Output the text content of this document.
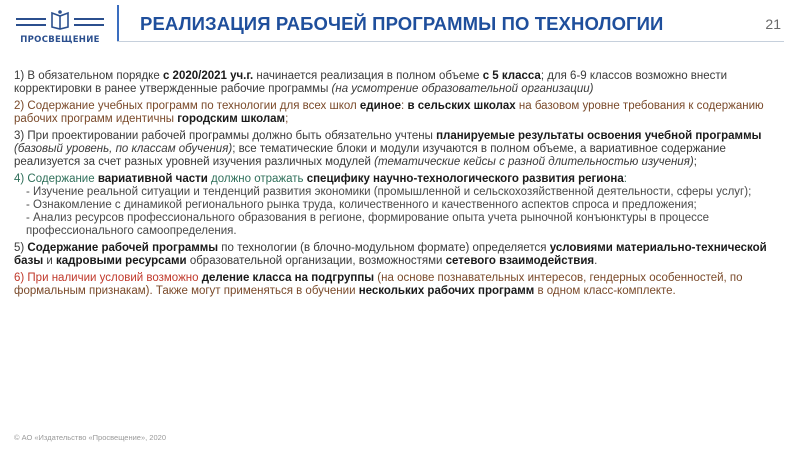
ПРОСВЕЩЕНИЕ
РЕАЛИЗАЦИЯ РАБОЧЕЙ ПРОГРАММЫ ПО ТЕХНОЛОГИИ	21

1) В обязательном порядке с 2020/2021 уч.г. начинается реализация в полном объеме с 5 класса; для 6-9 классов возможно внести корректировки в ранее утвержденные рабочие программы (на усмотрение образовательной организации)

2) Содержание учебных программ по технологии для всех школ единое: в сельских школах на базовом уровне требования к содержанию рабочих программ идентичны городским школам;

3) При проектировании рабочей программы должно быть обязательно учтены планируемые результаты освоения учебной программы (базовый уровень, по классам обучения); все тематические блоки и модули изучаются в полном объеме, а вариативное содержание реализуется за счет разных уровней изучения различных модулей (тематические кейсы с разной длительностью изучения);

4) Содержание вариативной части должно отражать специфику научно-технологического развития региона:
- Изучение реальной ситуации и тенденций развития экономики (промышленной и сельскохозяйственной деятельности, сферы услуг);
- Ознакомление с динамикой регионального рынка труда, количественного и качественного аспектов спроса и предложения;
- Анализ ресурсов профессионального образования в регионе, формирование опыта учета рыночной конъюнктуры в процессе профессионального самоопределения.

5) Содержание рабочей программы по технологии (в блочно-модульном формате) определяется условиями материально-технической базы и кадровыми ресурсами образовательной организации, возможностями сетевого взаимодействия.

6) При наличии условий возможно деление класса на подгруппы (на основе познавательных интересов, гендерных особенностей, по формальным признакам). Также могут применяться в обучении нескольких рабочих программ в одном класс-комплекте.

© АО «Издательство «Просвещение», 2020
